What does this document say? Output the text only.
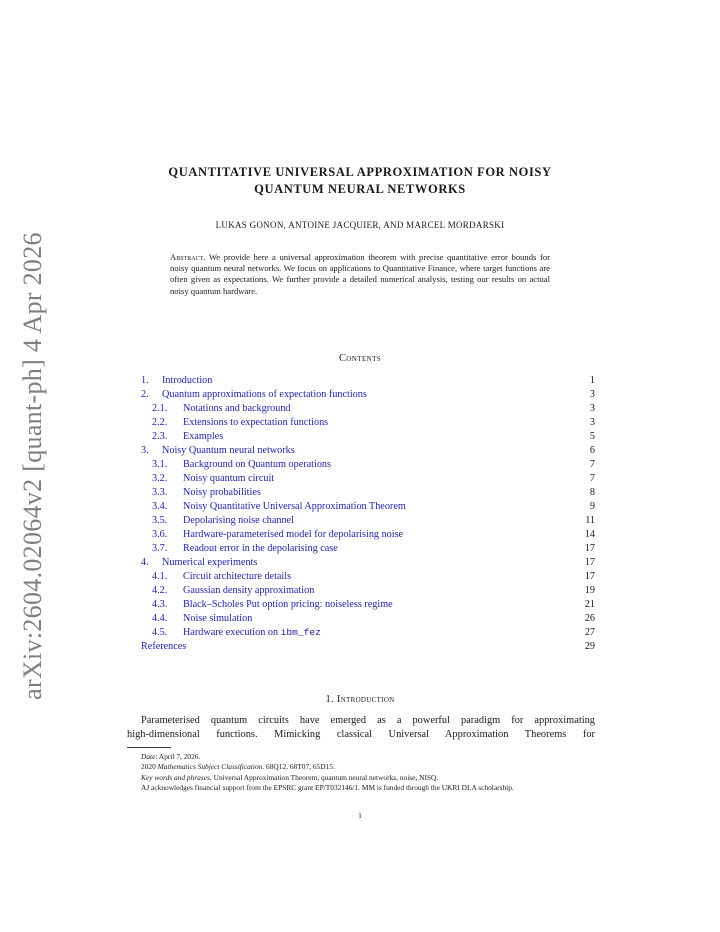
arXiv:2604.02064v2 [quant-ph] 4 Apr 2026
QUANTITATIVE UNIVERSAL APPROXIMATION FOR NOISY
QUANTUM NEURAL NETWORKS
LUKAS GONON, ANTOINE JACQUIER, AND MARCEL MORDARSKI
Abstract. We provide here a universal approximation theorem with precise quantitative error bounds for noisy quantum neural networks. We focus on applications to Quantitative Finance, where target functions are often given as expectations. We further provide a detailed numerical analysis, testing our results on actual noisy quantum hardware.
Contents
1. Introduction	1
2. Quantum approximations of expectation functions	3
2.1. Notations and background	3
2.2. Extensions to expectation functions	3
2.3. Examples	5
3. Noisy Quantum neural networks	6
3.1. Background on Quantum operations	7
3.2. Noisy quantum circuit	7
3.3. Noisy probabilities	8
3.4. Noisy Quantitative Universal Approximation Theorem	9
3.5. Depolarising noise channel	11
3.6. Hardware-parameterised model for depolarising noise	14
3.7. Readout error in the depolarising case	17
4. Numerical experiments	17
4.1. Circuit architecture details	17
4.2. Gaussian density approximation	19
4.3. Black–Scholes Put option pricing: noiseless regime	21
4.4. Noise simulation	26
4.5. Hardware execution on ibm_fez	27
References	29
1. Introduction
Parameterised quantum circuits have emerged as a powerful paradigm for approximating
high-dimensional functions. Mimicking classical Universal Approximation Theorems for
Date: April 7, 2026.
2020 Mathematics Subject Classification. 68Q12, 68T07, 65D15.
Key words and phrases. Universal Approximation Theorem, quantum neural networks, noise, NISQ.
AJ acknowledges financial support from the EPSRC grant EP/T032146/1. MM is funded through the UKRI DLA scholarship.
1
